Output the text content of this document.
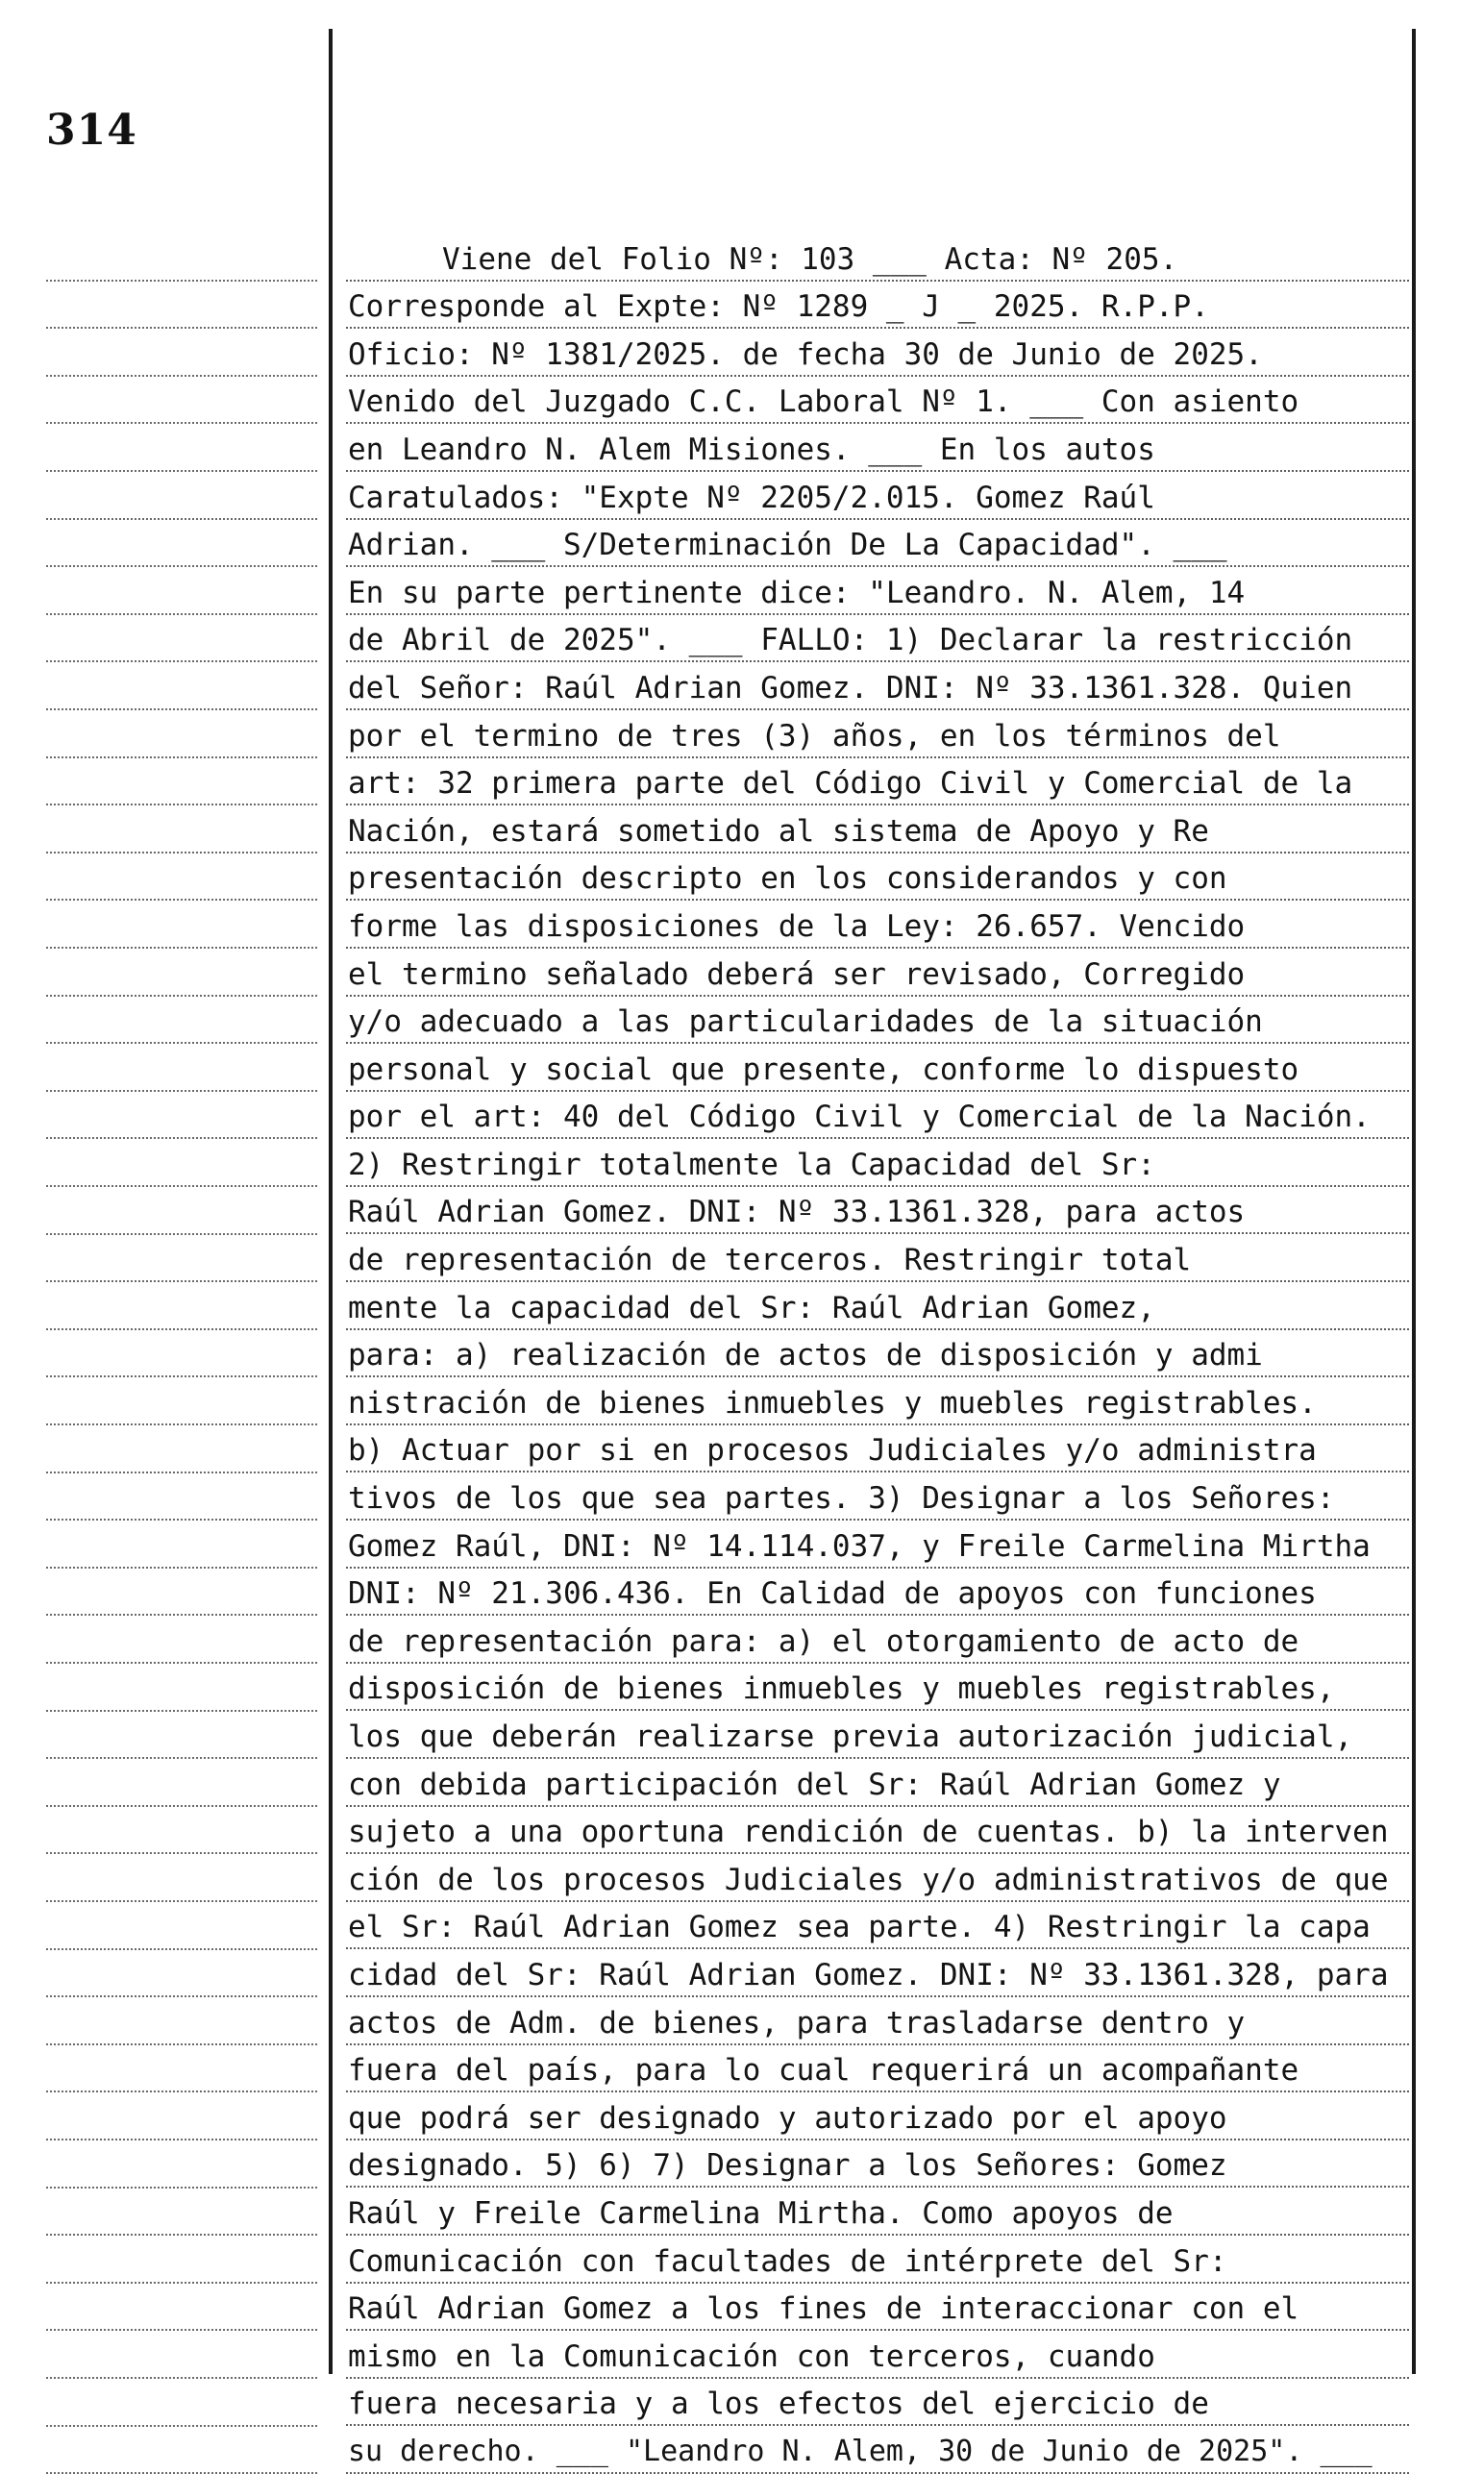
314
Viene del Folio Nº: 103 ___ Acta: Nº 205.
Corresponde al Expte: Nº 1289 _ J _ 2025. R.P.P.
Oficio: Nº 1381/2025. de fecha 30 de Junio de 2025.
Venido del Juzgado C.C. Laboral Nº 1. ___ Con asiento
en Leandro N. Alem Misiones. ___ En los autos
Caratulados: "Expte Nº 2205/2.015. Gomez Raúl
Adrian. ___ S/Determinación De La Capacidad". ___
En su parte pertinente dice: "Leandro. N. Alem, 14
de Abril de 2025". ___ FALLO: 1) Declarar la restricción
del Señor: Raúl Adrian Gomez. DNI: Nº 33.1361.328. Quien
por el termino de tres (3) años, en los términos del
art: 32 primera parte del Código Civil y Comercial de la
Nación, estará sometido al sistema de Apoyo y Re
presentación descripto en los considerandos y con
forme las disposiciones de la Ley: 26.657. Vencido
el termino señalado deberá ser revisado, Corregido
y/o adecuado a las particularidades de la situación
personal y social que presente, conforme lo dispuesto
por el art: 40 del Código Civil y Comercial de la Nación.
2) Restringir totalmente la Capacidad del Sr:
Raúl Adrian Gomez. DNI: Nº 33.1361.328, para actos
de representación de terceros. Restringir total
mente la capacidad del Sr: Raúl Adrian Gomez,
para: a) realización de actos de disposición y admi
nistración de bienes inmuebles y muebles registrables.
b) Actuar por si en procesos Judiciales y/o administra
tivos de los que sea partes. 3) Designar a los Señores:
Gomez Raúl, DNI: Nº 14.114.037, y Freile Carmelina Mirtha
DNI: Nº 21.306.436. En Calidad de apoyos con funciones
de representación para: a) el otorgamiento de acto de
disposición de bienes inmuebles y muebles registrables,
los que deberán realizarse previa autorización judicial,
con debida participación del Sr: Raúl Adrian Gomez y
sujeto a una oportuna rendición de cuentas. b) la interven
ción de los procesos Judiciales y/o administrativos de que
el Sr: Raúl Adrian Gomez sea parte. 4) Restringir la capa
cidad del Sr: Raúl Adrian Gomez. DNI: Nº 33.1361.328, para
actos de Adm. de bienes, para trasladarse dentro y
fuera del país, para lo cual requerirá un acompañante
que podrá ser designado y autorizado por el apoyo
designado. 5) 6) 7) Designar a los Señores: Gomez
Raúl y Freile Carmelina Mirtha. Como apoyos de
Comunicación con facultades de intérprete del Sr:
Raúl Adrian Gomez a los fines de interaccionar con el
mismo en la Comunicación con terceros, cuando
fuera necesaria y a los efectos del ejercicio de
su derecho. ___ "Leandro N. Alem, 30 de Junio de 2025". ___
